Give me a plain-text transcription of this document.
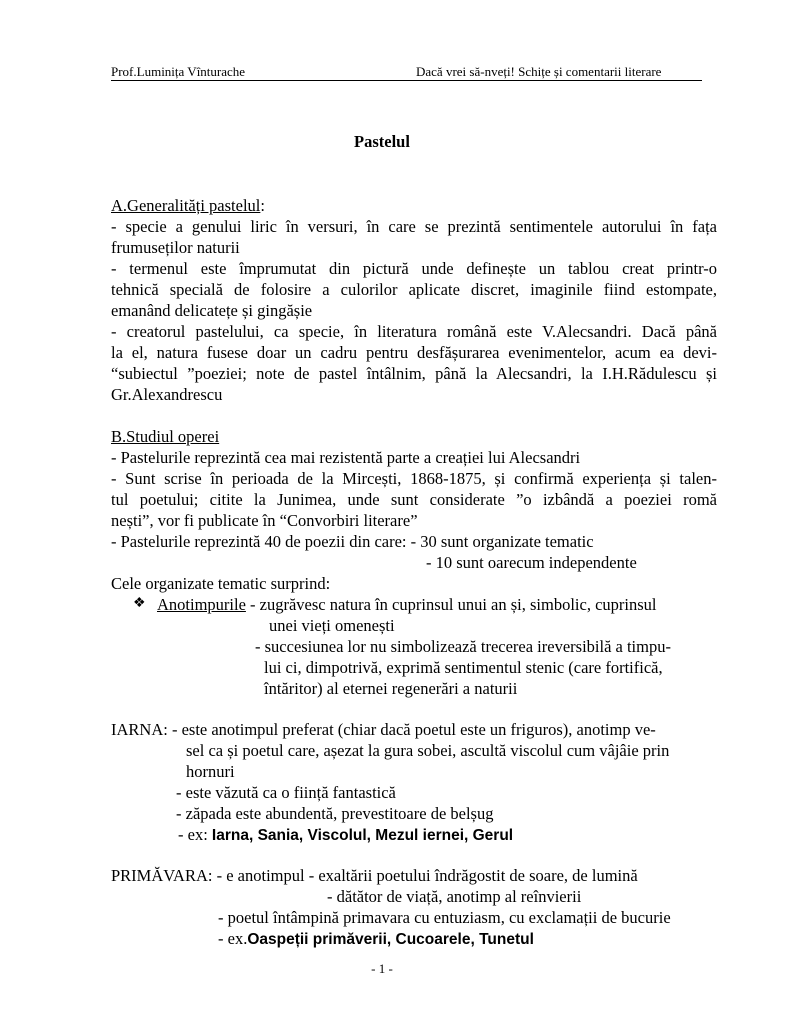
Prof.Luminița Vînturache	Dacă vrei să-nveți! Schițe și comentarii literare
Pastelul
A.Generalități pastelul:
- specie a genului liric în versuri, în care se prezintă sentimentele autorului în fața
frumuseților naturii
- termenul este împrumutat din pictură unde definește un tablou creat printr-o
tehnică specială de folosire a culorilor aplicate discret, imaginile fiind estompate,
emanând delicatețe și gingășie
- creatorul pastelului, ca specie, în literatura română este V.Alecsandri. Dacă până
la el, natura fusese doar un cadru pentru desfășurarea evenimentelor, acum ea devi-
“subiectul ”poeziei; note de pastel întâlnim, până la Alecsandri, la I.H.Rădulescu și
Gr.Alexandrescu
B.Studiul operei
- Pastelurile reprezintă cea mai rezistentă parte a creației lui Alecsandri
- Sunt scrise în perioada de la Mircești, 1868-1875, și confirmă experiența și talen-
tul poetului; citite la Junimea, unde sunt considerate ”o izbândă a poeziei romă
nești”, vor fi publicate în “Convorbiri literare”
- Pastelurile reprezintă 40 de poezii din care: - 30 sunt organizate tematic
- 10 sunt oarecum independente
Cele organizate tematic surprind:
❖ Anotimpurile - zugrăvesc natura în cuprinsul unui an și, simbolic, cuprinsul
unei vieți omenești
- succesiunea lor nu simbolizează trecerea ireversibilă a timpu-
lui ci, dimpotrivă, exprimă sentimentul stenic (care fortifică,
întăritor) al eternei regenerări a naturii
IARNA: - este anotimpul preferat (chiar dacă poetul este un friguros), anotimp ve-
sel ca și poetul care, așezat la gura sobei, ascultă viscolul cum vâjâie prin
hornuri
- este văzută ca o ființă fantastică
- zăpada este abundentă, prevestitoare de belșug
- ex: Iarna, Sania, Viscolul, Mezul iernei, Gerul
PRIMĂVARA: - e anotimpul - exaltării poetului îndrăgostit de soare, de lumină
- dătător de viață, anotimp al reînvierii
- poetul întâmpină primavara cu entuziasm, cu exclamații de bucurie
- ex.Oaspeții primăverii, Cucoarele, Tunetul
- 1 -
